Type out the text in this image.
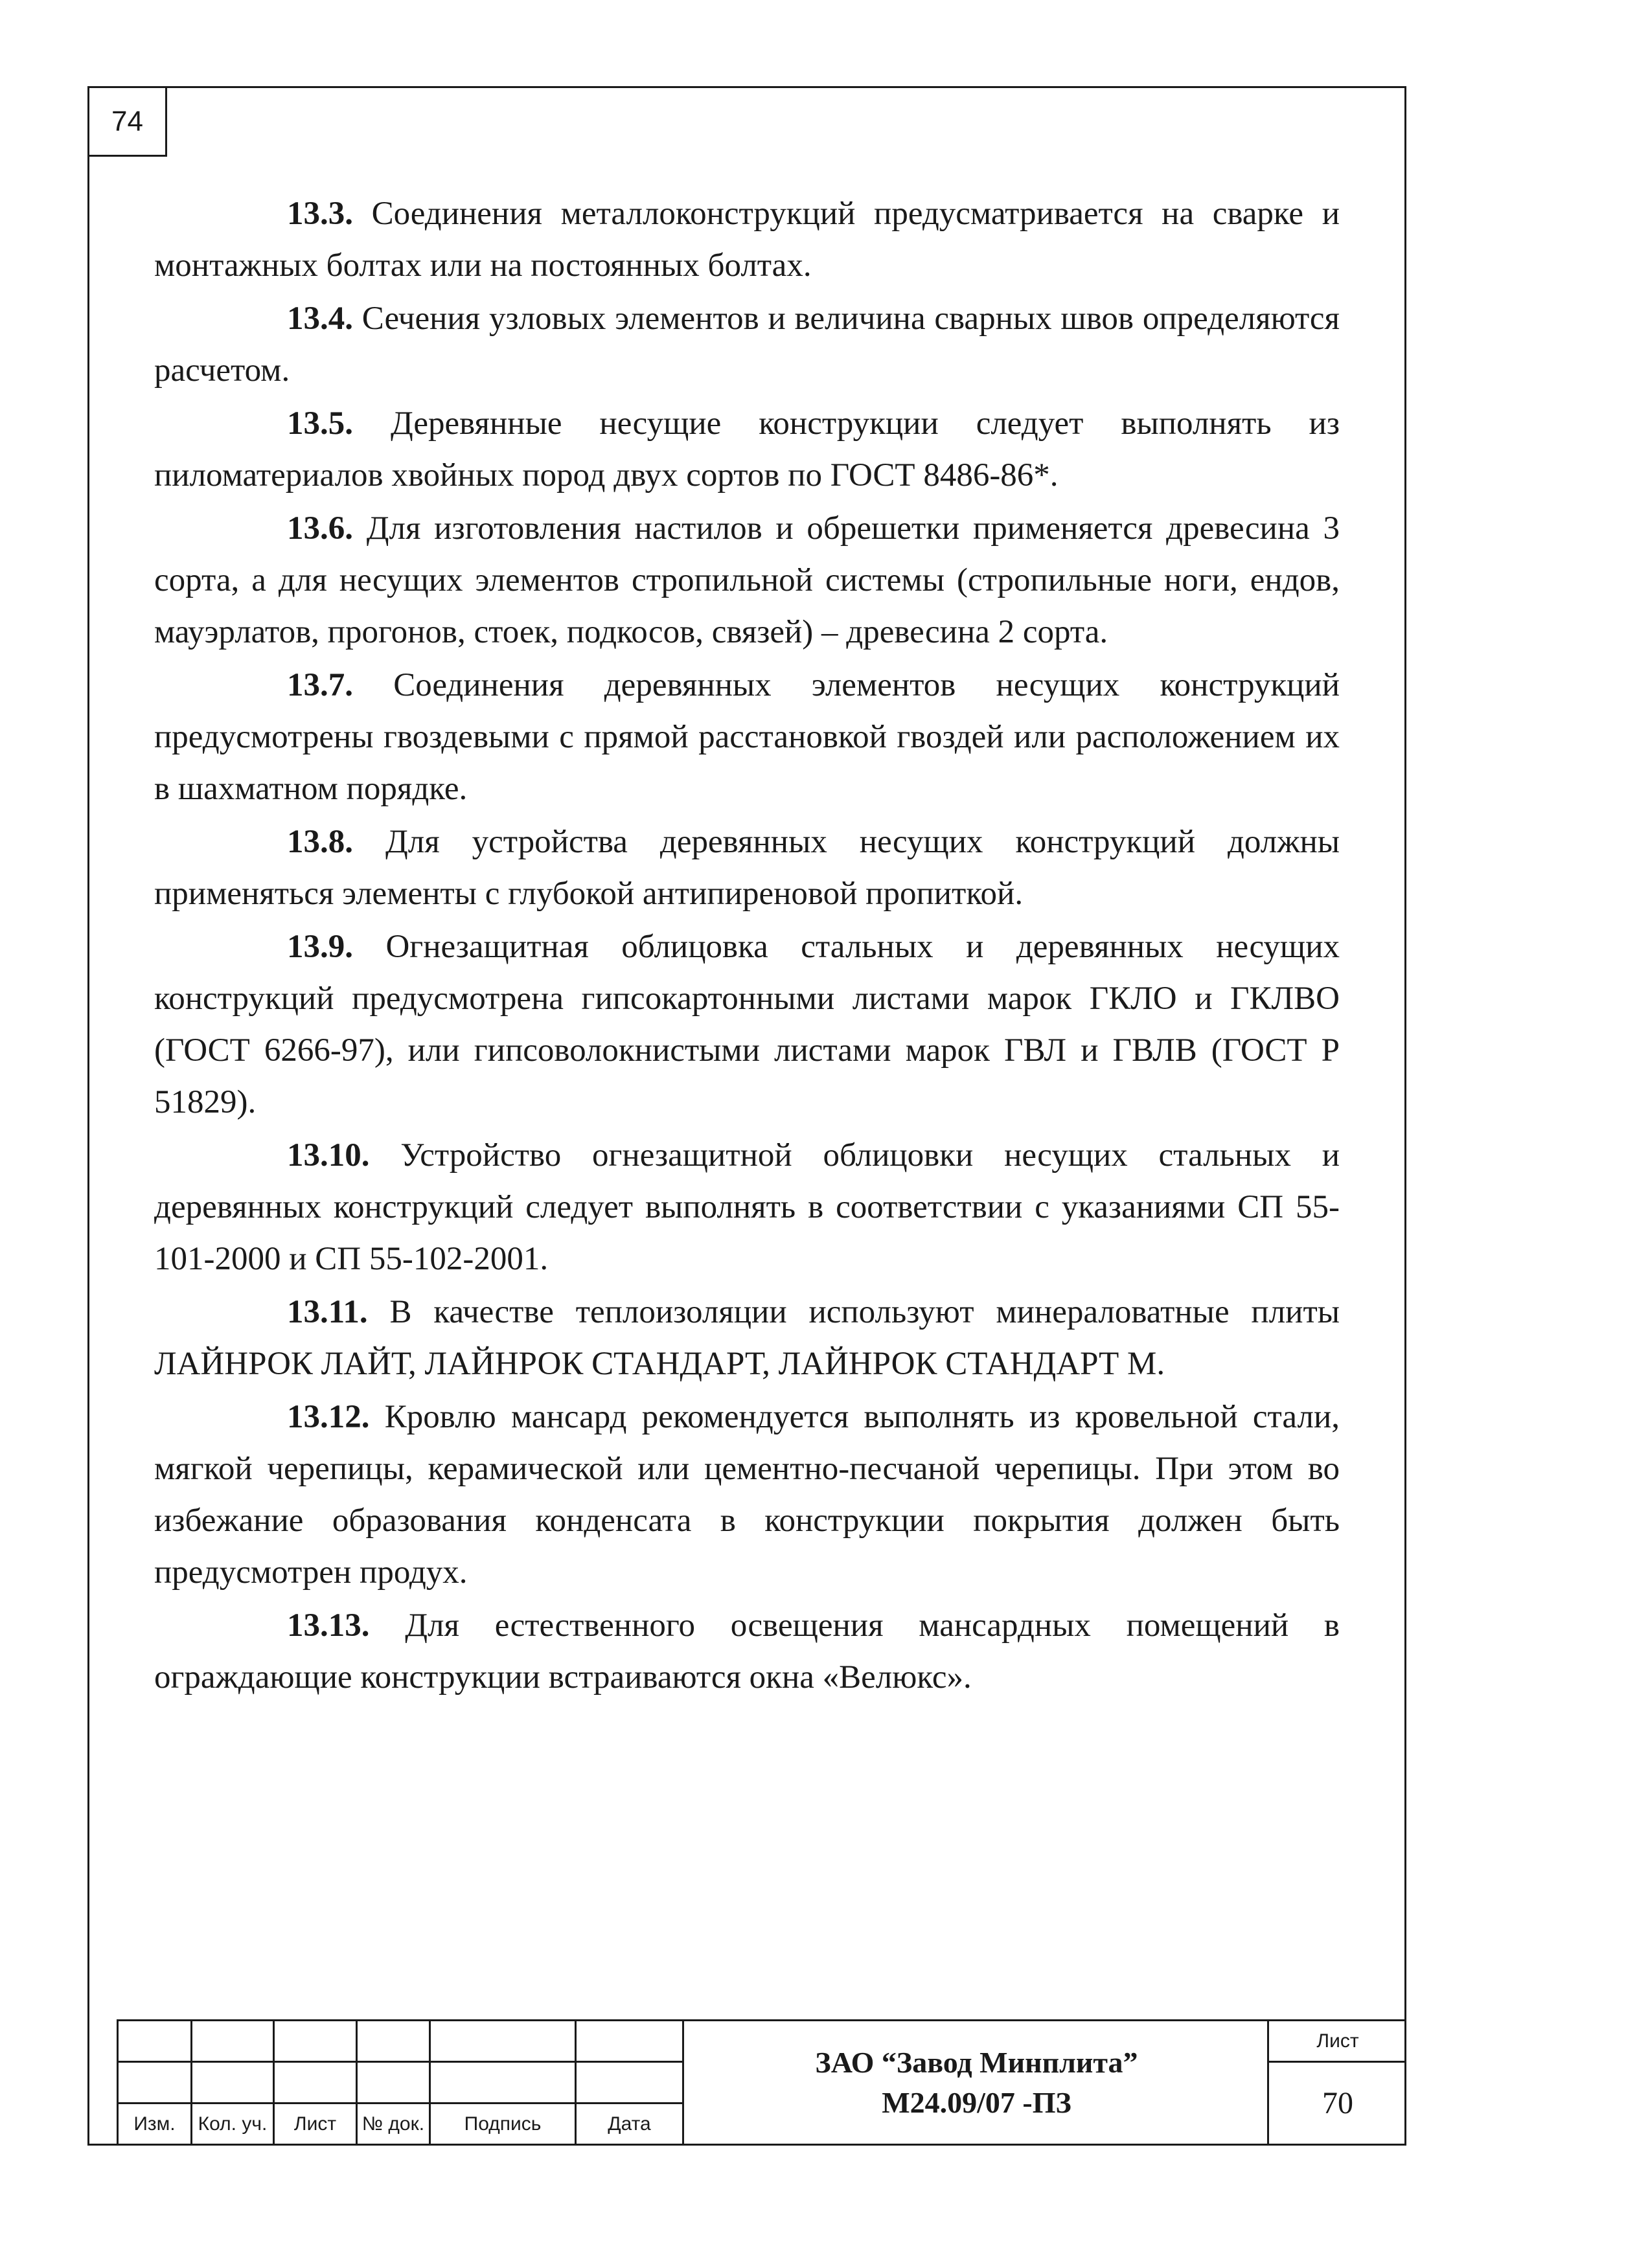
74

13.3. Соединения металлоконструкций предусматривается на сварке и монтажных болтах или на постоянных болтах.

13.4. Сечения узловых элементов и величина сварных швов определяются расчетом.

13.5. Деревянные несущие конструкции следует выполнять из пиломатериалов хвойных пород двух сортов по ГОСТ 8486-86*.

13.6. Для изготовления настилов и обрешетки применяется древесина 3 сорта, а для несущих элементов стропильной системы (стропильные ноги, ендов, мауэрлатов, прогонов, стоек, подкосов, связей) – древесина 2 сорта.

13.7. Соединения деревянных элементов несущих конструкций предусмотрены гвоздевыми с прямой расстановкой гвоздей или расположением их в шахматном порядке.

13.8. Для устройства деревянных несущих конструкций должны применяться элементы с глубокой антипиреновой пропиткой.

13.9. Огнезащитная облицовка стальных и деревянных несущих конструкций предусмотрена гипсокартонными листами марок ГКЛО и ГКЛВО (ГОСТ 6266-97), или гипсоволокнистыми листами марок ГВЛ и ГВЛВ (ГОСТ Р 51829).

13.10. Устройство огнезащитной облицовки несущих стальных и деревянных конструкций следует выполнять в соответствии с указаниями СП 55-101-2000 и СП 55-102-2001.

13.11. В качестве теплоизоляции используют минераловатные плиты ЛАЙНРОК ЛАЙТ, ЛАЙНРОК СТАНДАРТ, ЛАЙНРОК СТАНДАРТ М.

13.12. Кровлю мансард рекомендуется выполнять из кровельной стали, мягкой черепицы, керамической или цементно-песчаной черепицы. При этом во избежание образования конденсата в конструкции покрытия должен быть предусмотрен продух.

13.13. Для естественного освещения мансардных помещений в ограждающие конструкции встраиваются окна «Велюкс».

Изм.	Кол. уч.	Лист	№ док.	Подпись	Дата
ЗАО “Завод Минплита”
М24.09/07 -ПЗ
Лист
70
